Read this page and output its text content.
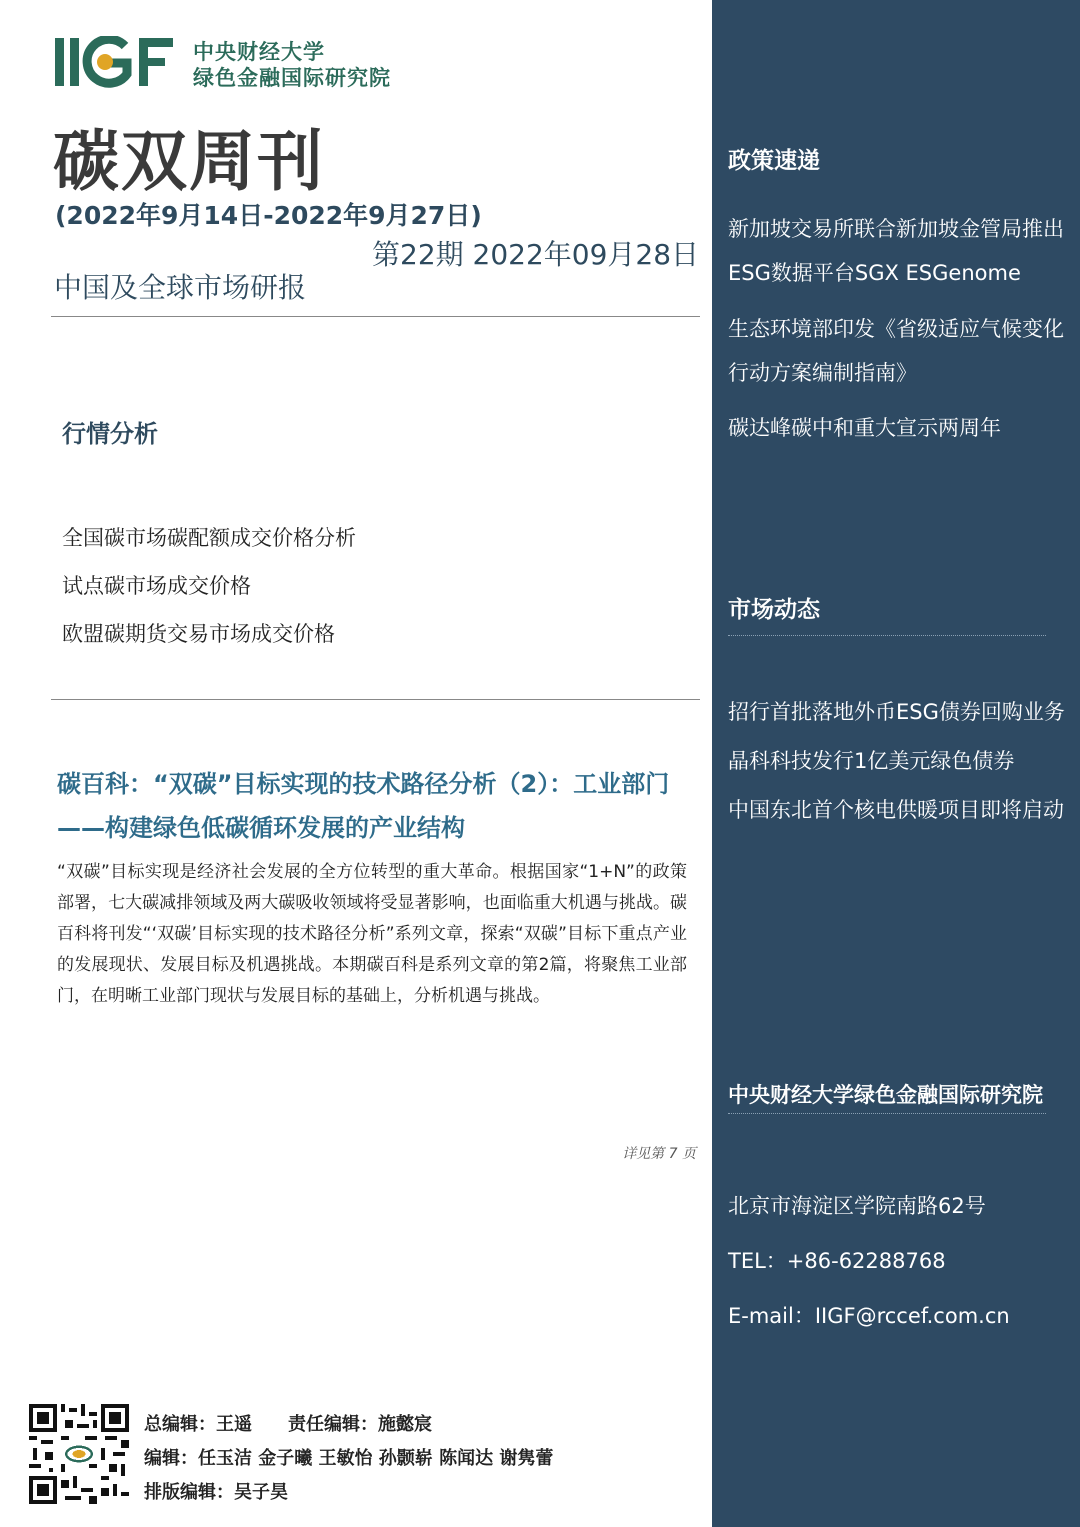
中央财经大学
绿色金融国际研究院
碳双周刊
(2022年9月14日-2022年9月27日)
第22期 2022年09月28日
中国及全球市场研报
行情分析
全国碳市场碳配额成交价格分析
试点碳市场成交价格
欧盟碳期货交易市场成交价格
碳百科：“双碳”目标实现的技术路径分析（2）：工业部门——构建绿色低碳循环发展的产业结构
“双碳”目标实现是经济社会发展的全方位转型的重大革命。根据国家“1+N”的政策部署，七大碳减排领域及两大碳吸收领域将受显著影响，也面临重大机遇与挑战。碳百科将刊发“‘双碳’目标实现的技术路径分析”系列文章，探索“双碳”目标下重点产业的发展现状、发展目标及机遇挑战。本期碳百科是系列文章的第2篇，将聚焦工业部门，在明晰工业部门现状与发展目标的基础上，分析机遇与挑战。
详见第 7 页
总编辑：王遥　　责任编辑：施懿宸
编辑：任玉洁 金子曦 王敏怡 孙颢崭 陈闻达 谢隽蕾
排版编辑：吴子昊
政策速递
新加坡交易所联合新加坡金管局推出ESG数据平台SGX ESGenome
生态环境部印发《省级适应气候变化行动方案编制指南》
碳达峰碳中和重大宣示两周年
市场动态
招行首批落地外币ESG债券回购业务
晶科科技发行1亿美元绿色债券
中国东北首个核电供暖项目即将启动
中央财经大学绿色金融国际研究院
北京市海淀区学院南路62号
TEL：+86-62288768
E-mail：IIGF@rccef.com.cn
